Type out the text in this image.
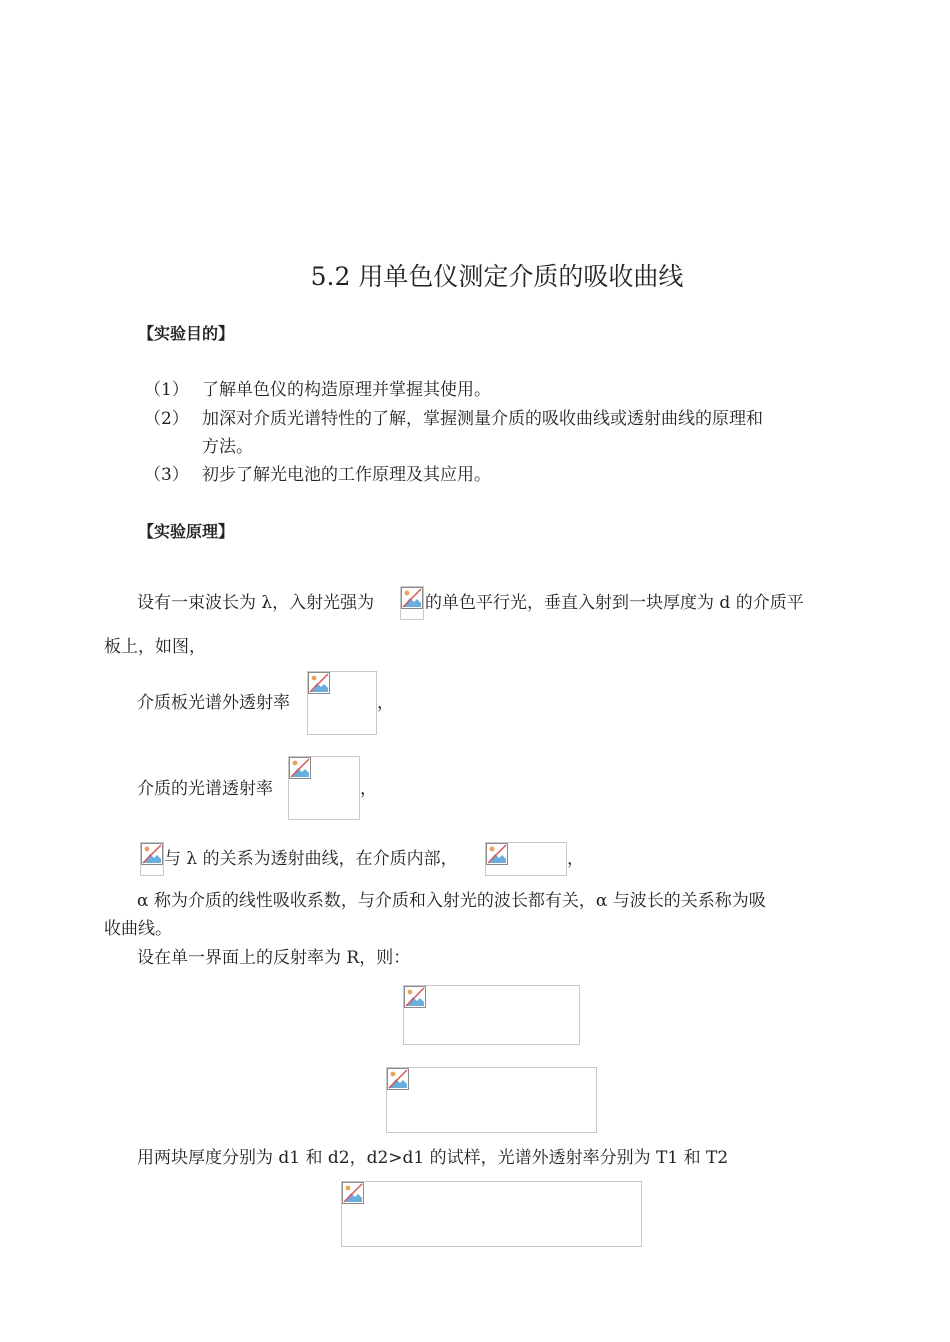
5.2 用单色仪测定介质的吸收曲线
【实验目的】
（1） 了解单色仪的构造原理并掌握其使用。
（2） 加深对介质光谱特性的了解，掌握测量介质的吸收曲线或透射曲线的原理和
方法。
（3） 初步了解光电池的工作原理及其应用。
【实验原理】
设有一束波长为 λ，入射光强为	的单色平行光，垂直入射到一块厚度为 d 的介质平
板上，如图，
介质板光谱外透射率	，
介质的光谱透射率	，
与 λ 的关系为透射曲线，在介质内部，	，
α 称为介质的线性吸收系数，与介质和入射光的波长都有关，α 与波长的关系称为吸
收曲线。
设在单一界面上的反射率为 R，则：
用两块厚度分别为 d1 和 d2，d2>d1 的试样，光谱外透射率分别为 T1 和 T2
